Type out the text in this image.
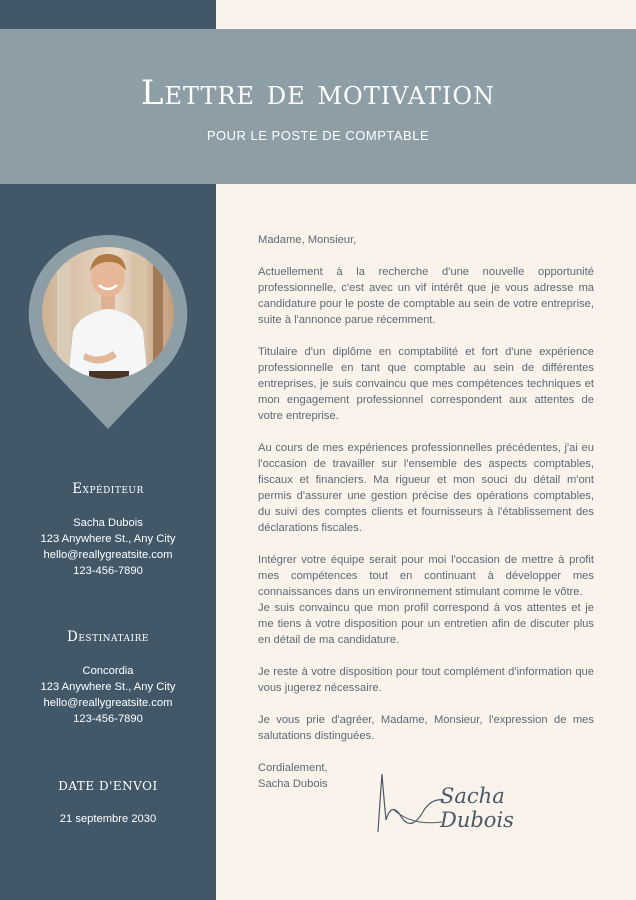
Lettre de motivation
POUR LE POSTE DE COMPTABLE
Expéditeur
Sacha Dubois
123 Anywhere St., Any City
hello@reallygreatsite.com
123-456-7890
Destinataire
Concordia
123 Anywhere St., Any City
hello@reallygreatsite.com
123-456-7890
DATE D'ENVOI
21 septembre 2030

Madame, Monsieur,

Actuellement à la recherche d'une nouvelle opportunité professionnelle, c'est avec un vif intérêt que je vous adresse ma candidature pour le poste de comptable au sein de votre entreprise, suite à l'annonce parue récemment.

Titulaire d'un diplôme en comptabilité et fort d'une expérience professionnelle en tant que comptable au sein de différentes entreprises, je suis convaincu que mes compétences techniques et mon engagement professionnel correspondent aux attentes de votre entreprise.

Au cours de mes expériences professionnelles précédentes, j'ai eu l'occasion de travailler sur l'ensemble des aspects comptables, fiscaux et financiers. Ma rigueur et mon souci du détail m'ont permis d'assurer une gestion précise des opérations comptables, du suivi des comptes clients et fournisseurs à l'établissement des déclarations fiscales.

Intégrer votre équipe serait pour moi l'occasion de mettre à profit mes compétences tout en continuant à développer mes connaissances dans un environnement stimulant comme le vôtre.

Je suis convaincu que mon profil correspond à vos attentes et je me tiens à votre disposition pour un entretien afin de discuter plus en détail de ma candidature.

Je reste à votre disposition pour tout complément d'information que vous jugerez nécessaire.

Je vous prie d'agréer, Madame, Monsieur, l'expression de mes salutations distinguées.

Cordialement,
Sacha Dubois	Sacha Dubois
